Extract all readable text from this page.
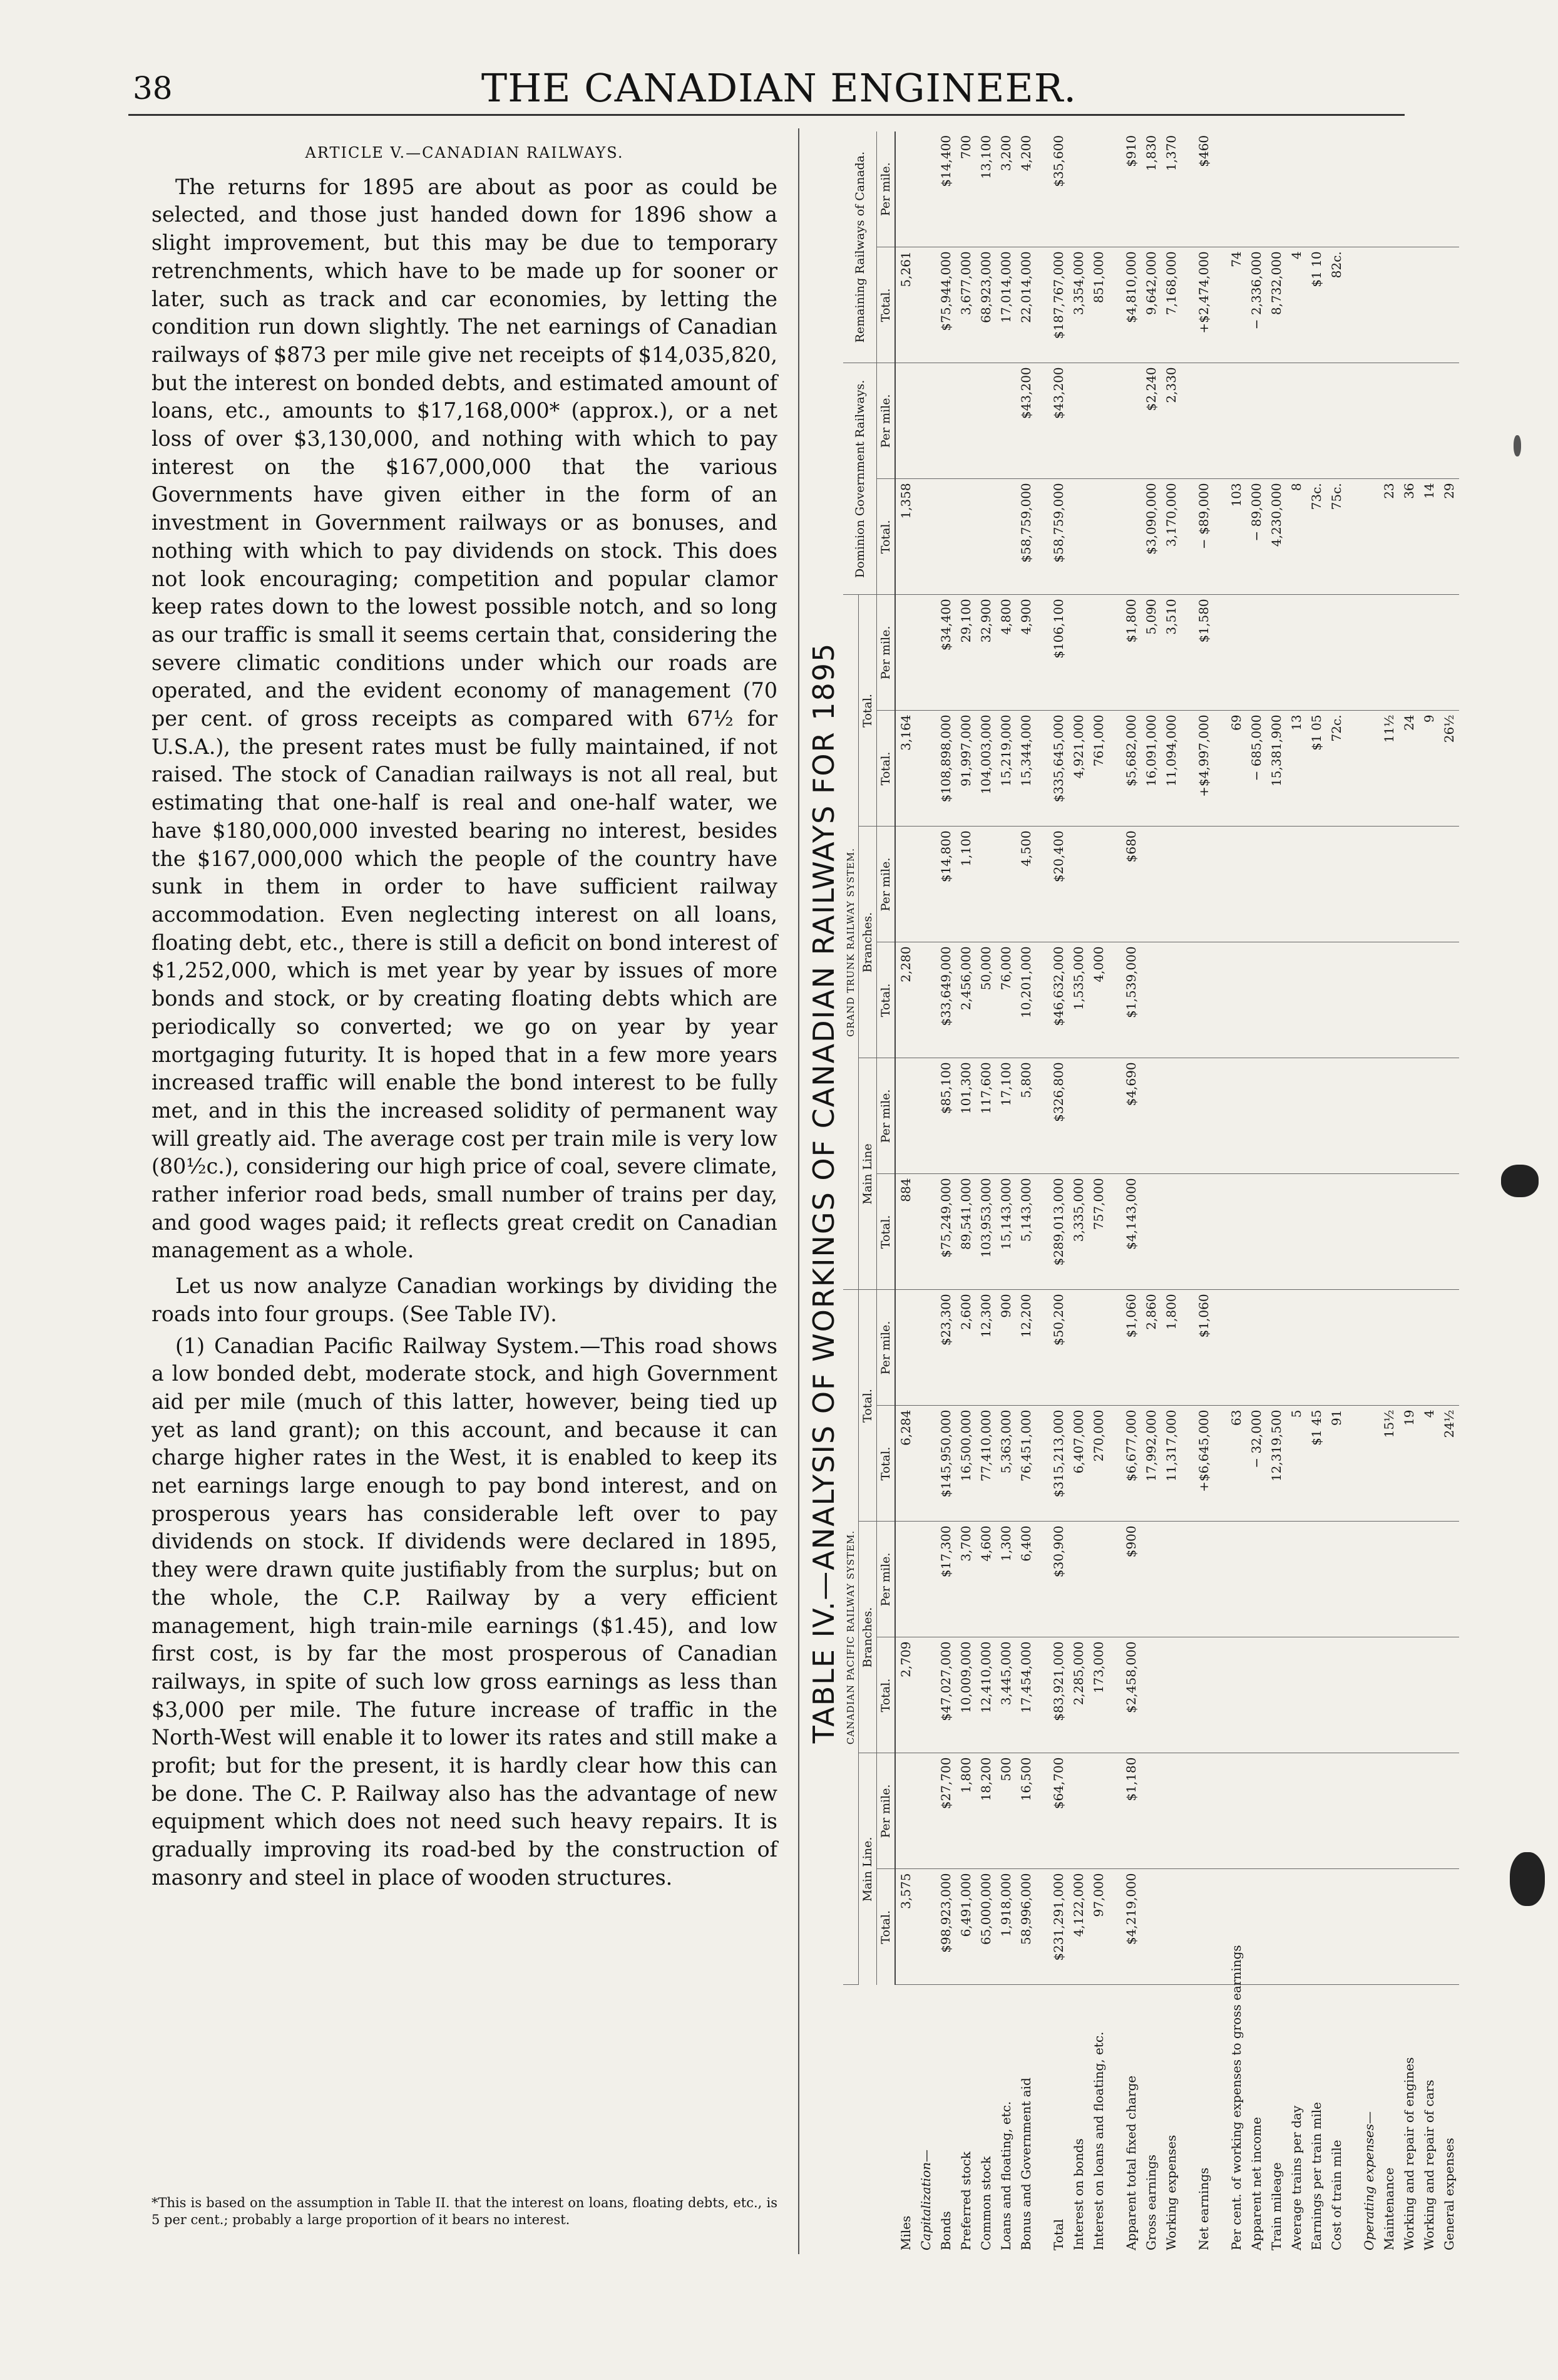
38	THE CANADIAN ENGINEER.
ARTICLE V.—CANADIAN RAILWAYS.

The returns for 1895 are about as poor as could be selected, and those just handed down for 1896 show a slight improvement, but this may be due to temporary retrenchments, which have to be made up for sooner or later, such as track and car economies, by letting the condition run down slightly. The net earnings of Canadian railways of $873 per mile give net receipts of $14,035,820, but the interest on bonded debts, and estimated amount of loans, etc., amounts to $17,168,000* (approx.), or a net loss of over $3,130,000, and nothing with which to pay interest on the $167,000,000 that the various Governments have given either in the form of an investment in Government railways or as bonuses, and nothing with which to pay dividends on stock. This does not look encouraging; competition and popular clamor keep rates down to the lowest possible notch, and so long as our traffic is small it seems certain that, considering the severe climatic conditions under which our roads are operated, and the evident economy of management (70 per cent. of gross receipts as compared with 67½ for U.S.A.), the present rates must be fully maintained, if not raised. The stock of Canadian railways is not all real, but estimating that one-half is real and one-half water, we have $180,000,000 invested bearing no interest, besides the $167,000,000 which the people of the country have sunk in them in order to have sufficient railway accommodation. Even neglecting interest on all loans, floating debt, etc., there is still a deficit on bond interest of $1,252,000, which is met year by year by issues of more bonds and stock, or by creating floating debts which are periodically so converted; we go on year by year mortgaging futurity. It is hoped that in a few more years increased traffic will enable the bond interest to be fully met, and in this the increased solidity of permanent way will greatly aid. The average cost per train mile is very low (80½c.), considering our high price of coal, severe climate, rather inferior road beds, small number of trains per day, and good wages paid; it reflects great credit on Canadian management as a whole.

Let us now analyze Canadian workings by dividing the roads into four groups. (See Table IV).

(1) Canadian Pacific Railway System.—This road shows a low bonded debt, moderate stock, and high Government aid per mile (much of this latter, however, being tied up yet as land grant); on this account, and because it can charge higher rates in the West, it is enabled to keep its net earnings large enough to pay bond interest, and on prosperous years has considerable left over to pay dividends on stock. If dividends were declared in 1895, they were drawn quite justifiably from the surplus; but on the whole, the C.P. Railway by a very efficient management, high train-mile earnings ($1.45), and low first cost, is by far the most prosperous of Canadian railways, in spite of such low gross earnings as less than $3,000 per mile. The future increase of traffic in the North-West will enable it to lower its rates and still make a profit; but for the present, it is hardly clear how this can be done. The C. P. Railway also has the advantage of new equipment which does not need such heavy repairs. It is gradually improving its road-bed by the construction of masonry and steel in place of wooden structures.

*This is based on the assumption in Table II. that the interest on loans, floating debts, etc., is 5 per cent.; probably a large proportion of it bears no interest.

TABLE IV.—ANALYSIS OF WORKINGS OF CANADIAN RAILWAYS FOR 1895
	CANADIAN PACIFIC RAILWAY SYSTEM.						GRAND TRUNK RAILWAY SYSTEM.						Dominion Government Railways.		Remaining Railways of Canada.	
	Main Line.		Branches.		Total.		Main Line		Branches.		Total.					
	Total.	Per mile.	Total.	Per mile.	Total.	Per mile.	Total.	Per mile.	Total.	Per mile.	Total.	Per mile.	Total.	Per mile.	Total.	Per mile.
Miles	3,575		2,709		6,284		884		2,280		3,164		1,358		5,261	
Capitalization—																
Bonds	$98,923,000	$27,700	$47,027,000	$17,300	$145,950,000	$23,300	$75,249,000	$85,100	$33,649,000	$14,800	$108,898,000	$34,400			$75,944,000	$14,400
Preferred stock	6,491,000	1,800	10,009,000	3,700	16,500,000	2,600	89,541,000	101,300	2,456,000	1,100	91,997,000	29,100			3,677,000	700
Common stock	65,000,000	18,200	12,410,000	4,600	77,410,000	12,300	103,953,000	117,600	50,000		104,003,000	32,900			68,923,000	13,100
Loans and floating, etc.	1,918,000	500	3,445,000	1,300	5,363,000	900	15,143,000	17,100	76,000		15,219,000	4,800			17,014,000	3,200
Bonus and Government aid	58,996,000	16,500	17,454,000	6,400	76,451,000	12,200	5,143,000	5,800	10,201,000	4,500	15,344,000	4,900	$58,759,000	$43,200	22,014,000	4,200

Total	$231,291,000	$64,700	$83,921,000	$30,900	$315,213,000	$50,200	$289,013,000	$326,800	$46,632,000	$20,400	$335,645,000	$106,100	$58,759,000	$43,200	$187,767,000	$35,600
Interest on bonds	4,122,000		2,285,000		6,407,000		3,335,000		1,535,000		4,921,000				3,354,000	
Interest on loans and floating, etc.	97,000		173,000		270,000		757,000		4,000		761,000				851,000	

Apparent total fixed charge	$4,219,000	$1,180	$2,458,000	$900	$6,677,000	$1,060	$4,143,000	$4,690	$1,539,000	$680	$5,682,000	$1,800			$4,810,000	$910
Gross earnings					17,992,000	2,860					16,091,000	5,090	$3,090,000	$2,240	9,642,000	1,830
Working expenses					11,317,000	1,800					11,094,000	3,510	3,170,000	2,330	7,168,000	1,370

Net earnings					+$6,645,000	$1,060					+$4,997,000	$1,580	− $89,000		+$2,474,000	$460

Per cent. of working expenses to gross earnings					63						69		103		74	
Apparent net income					− 32,000						− 685,000		− 89,000		− 2,336,000	
Train mileage					12,319,500						15,381,900		4,230,000		8,732,000	
Average trains per day					5						13		8		4	
Earnings per train mile					$1 45						$1 05		73c.		$1 10	
Cost of train mile					91						72c.		75c.		82c.	

Operating expenses—																
Maintenance					15½						11½		23			
Working and repair of engines					19						24		36			
Working and repair of cars					4						9		14			
General expenses					24½						26½		29			
